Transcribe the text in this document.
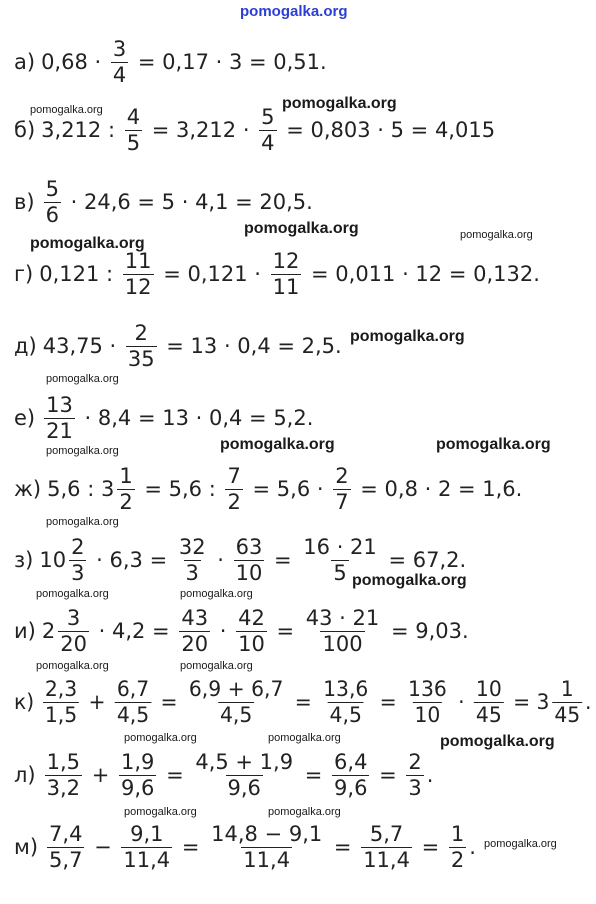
а) $0,68 \cdot \frac{3}{4} = 0,17 \cdot 3 = 0,51$.
б) 3,212 : $\frac{4}{5} = 3,212 \cdot \frac{5}{4} = 0,803 \cdot 5 = 4,015$
$в) \frac{5}{6} \cdot 24,6 = 5 \cdot 4,1 = 20,5$.
г) 0,121 : $\frac{11}{12} = 0,121 \cdot \frac{12}{11} = 0,011 \cdot 12 = 0,132$.
д) $43,75 \cdot \frac{2}{35} = 13 \cdot 0,4 = 2,5$.
$е) \frac{13}{21} \cdot 8,4 = 13 \cdot 0,4 = 5,2$.
ж) 5,6 : $3 \frac{1}{2} = 5,6$ : $\frac{7}{2} = 5,6 \cdot \frac{2}{7} = 0,8 \cdot 2 = 1,6$.
з) $10 \frac{2}{3} \cdot 6,3 = \frac{32}{3} \cdot \frac{63}{10} = \frac{16 \cdot 21}{5} = 67,2$.
и) $2 \frac{3}{20} \cdot 4,2 = \frac{43}{20} \cdot \frac{42}{10} = \frac{43 \cdot 21}{100} = 9,03$.
$к) \frac{2,3}{1,5} + \frac{6,7}{4,5} = \frac{6,9 + 6,7}{4,5} = \frac{13,6}{4,5} = \frac{136}{10} \cdot \frac{10}{45} = 3 \frac{1}{45}$ .
$л) \frac{1,5}{3,2} + \frac{1,9}{9,6} = \frac{4,5 + 1,9}{9,6} = \frac{6,4}{9,6} = \frac{2}{3}$ .
$м) \frac{7,4}{5,7} - \frac{9,1}{11,4} = \frac{14,8 - 9,1}{11,4} = \frac{5,7}{11,4} = \frac{1}{2}$ .
pomogalka.org
pomogalka.org	pomogalka.org
pomogalka.org
pomogalka.org	pomogalka.org
pomogalka.org
pomogalka.org
pomogalka.org	pomogalka.org
pomogalka.org
pomogalka.org
pomogalka.org
pomogalka.org	pomogalka.org
pomogalka.org	pomogalka.org
pomogalka.org	pomogalka.org	pomogalka.org
pomogalka.org	pomogalka.org
pomogalka.org
